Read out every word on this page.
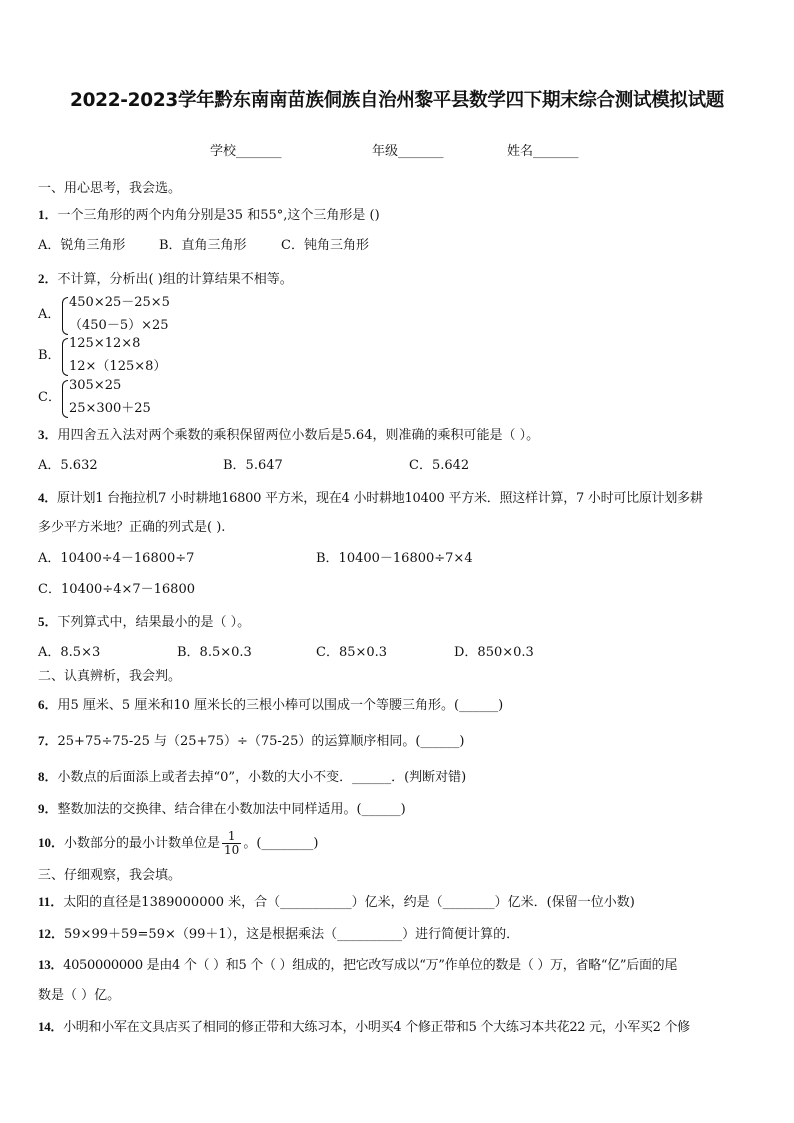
2022-2023学年黔东南南苗族侗族自治州黎平县数学四下期末综合测试模拟试题
学校_______	年级_______	姓名_______
一、用心思考，我会选。
1．一个三角形的两个内角分别是35 和55°,这个三角形是 ()
A．锐角三角形	B．直角三角形	C．钝角三角形
2．不计算，分析出( )组的计算结果不相等。
A．
450×25－25×5
（450－5）×25
B．
125×12×8
12×（125×8）
C．
305×25
25×300＋25
3．用四舍五入法对两个乘数的乘积保留两位小数后是5.64，则准确的乘积可能是（ ）。
A．5.632	B．5.647	C．5.642
4．原计划1 台拖拉机7 小时耕地16800 平方米，现在4 小时耕地10400 平方米．照这样计算，7 小时可比原计划多耕
多少平方米地？正确的列式是( ).
A．10400÷4－16800÷7	B．10400－16800÷7×4
C．10400÷4×7－16800
5．下列算式中，结果最小的是（ ）。
A．8.5×3	B．8.5×0.3	C．85×0.3	D．850×0.3
二、认真辨析，我会判。
6．用5 厘米、5 厘米和10 厘米长的三根小棒可以围成一个等腰三角形。(______)
7．25+75÷75-25 与（25+75）÷（75-25）的运算顺序相同。(______)
8．小数点的后面添上或者去掉“0”，小数的大小不变．______．(判断对错)
9．整数加法的交换律、结合律在小数加法中同样适用。(______)
10．小数部分的最小计数单位是 $\frac{1}{10}$ 。(________)
三、仔细观察，我会填。
11．太阳的直径是1389000000 米，合（___________）亿米，约是（________）亿米．(保留一位小数)
12．59×99＋59=59×（99＋1），这是根据乘法（__________）进行简便计算的．
13．4050000000 是由4 个（ ）和5 个（ ）组成的，把它改写成以“万”作单位的数是（ ）万，省略“亿”后面的尾
数是（ ）亿。
14．小明和小军在文具店买了相同的修正带和大练习本，小明买4 个修正带和5 个大练习本共花22 元，小军买2 个修
